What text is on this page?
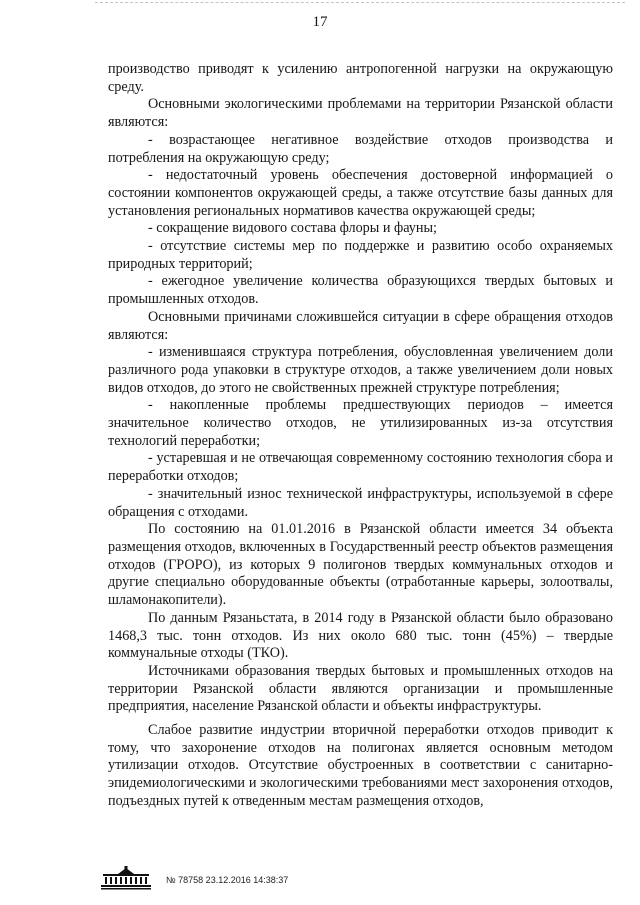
17

производство приводят к усилению антропогенной нагрузки на окружающую среду.

Основными экологическими проблемами на территории Рязанской области являются:

- возрастающее негативное воздействие отходов производства и потребления на окружающую среду;

- недостаточный уровень обеспечения достоверной информацией о состоянии компонентов окружающей среды, а также отсутствие базы данных для установления региональных нормативов качества окружающей среды;

- сокращение видового состава флоры и фауны;

- отсутствие системы мер по поддержке и развитию особо охраняемых природных территорий;

- ежегодное увеличение количества образующихся твердых бытовых и промышленных отходов.

Основными причинами сложившейся ситуации в сфере обращения отходов являются:

- изменившаяся структура потребления, обусловленная увеличением доли различного рода упаковки в структуре отходов, а также увеличением доли новых видов отходов, до этого не свойственных прежней структуре потребления;

- накопленные проблемы предшествующих периодов – имеется значительное количество отходов, не утилизированных из-за отсутствия технологий переработки;

- устаревшая и не отвечающая современному состоянию технология сбора и переработки отходов;

- значительный износ технической инфраструктуры, используемой в сфере обращения с отходами.

По состоянию на 01.01.2016 в Рязанской области имеется 34 объекта размещения отходов, включенных в Государственный реестр объектов размещения отходов (ГРОРО), из которых 9 полигонов твердых коммунальных отходов и другие специально оборудованные объекты (отработанные карьеры, золоотвалы, шламонакопители).

По данным Рязаньстата, в 2014 году в Рязанской области было образовано 1468,3 тыс. тонн отходов. Из них около 680 тыс. тонн (45%) – твердые коммунальные отходы (ТКО).

Источниками образования твердых бытовых и промышленных отходов на территории Рязанской области являются организации и промышленные предприятия, население Рязанской области и объекты инфраструктуры.

Слабое развитие индустрии вторичной переработки отходов приводит к тому, что захоронение отходов на полигонах является основным методом утилизации отходов. Отсутствие обустроенных в соответствии с санитарно-эпидемиологическими и экологическими требованиями мест захоронения отходов, подъездных путей к отведенным местам размещения отходов,

№ 78758 23.12.2016 14:38:37
